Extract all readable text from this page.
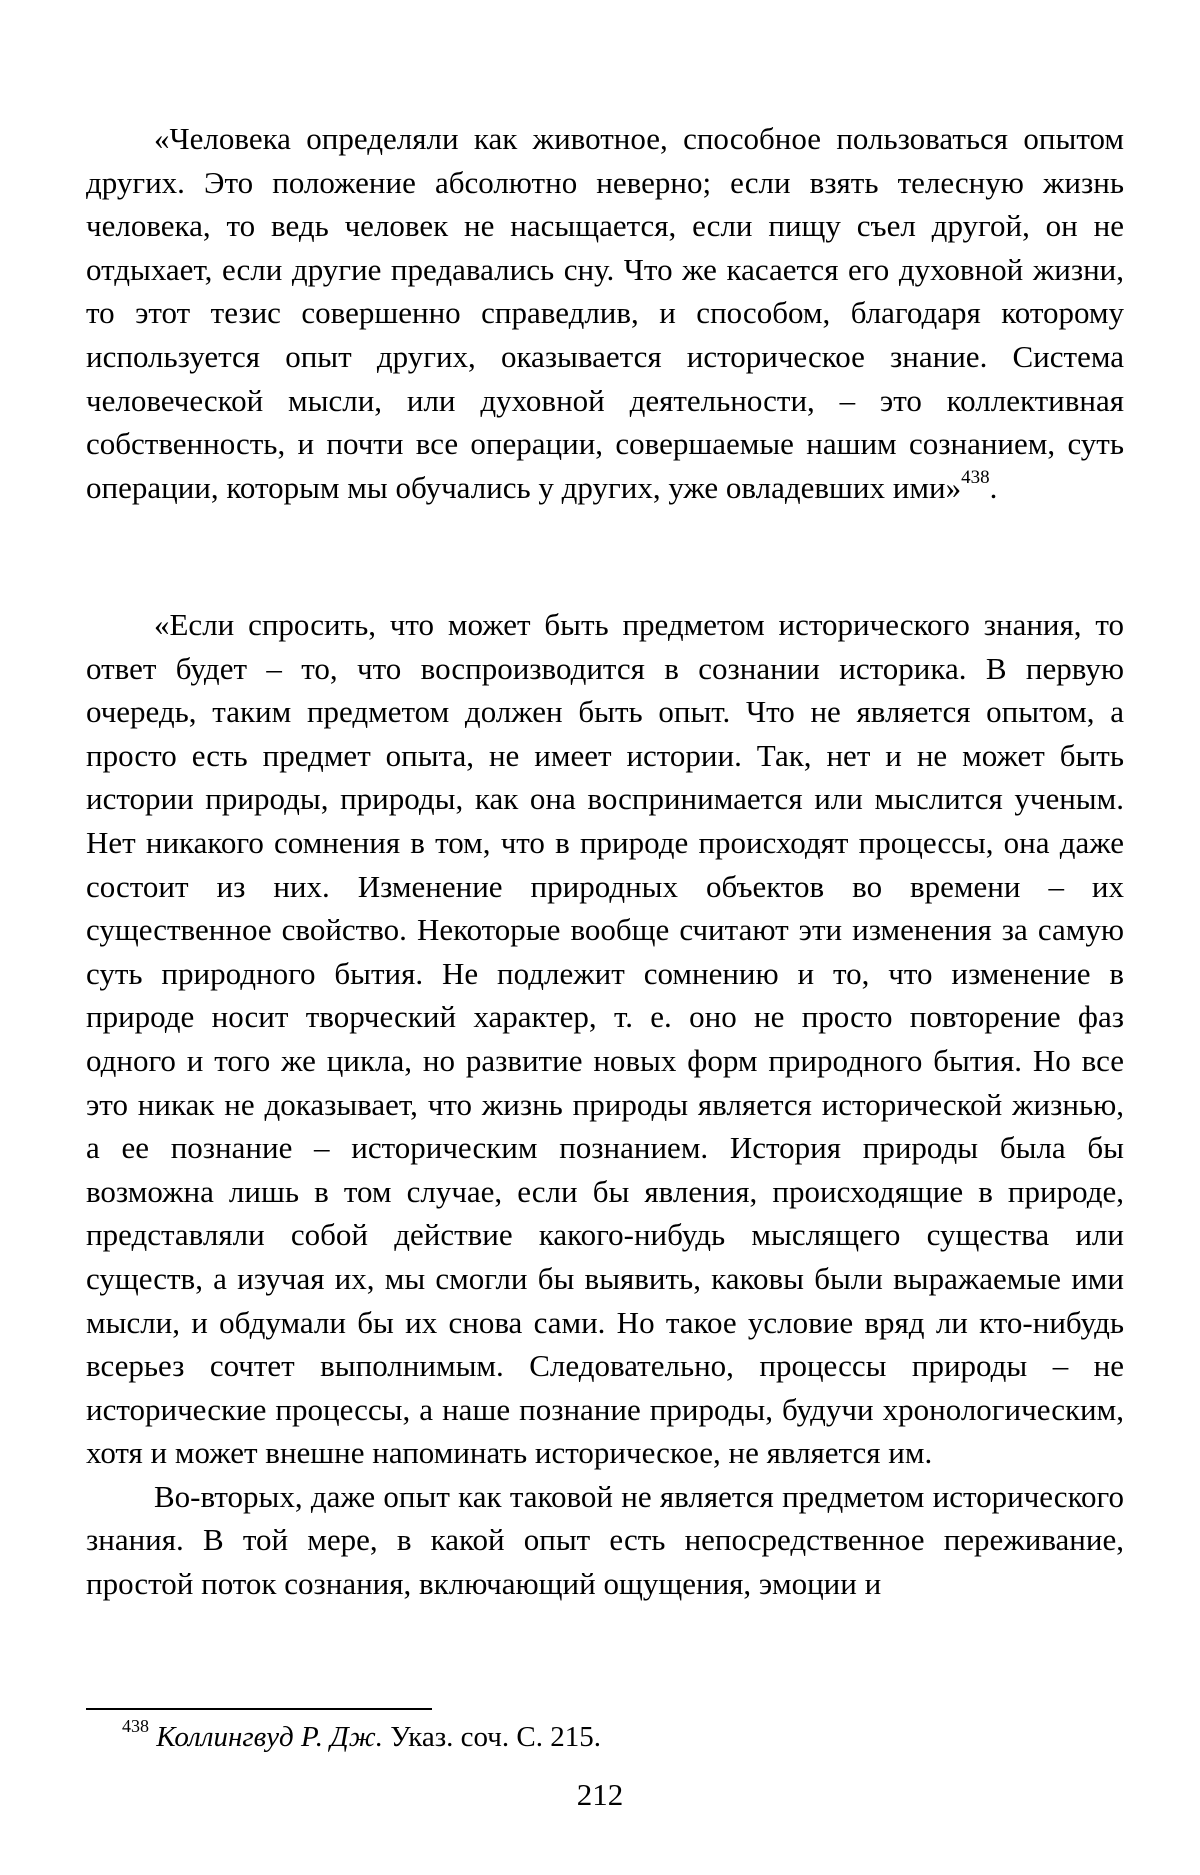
«Человека определяли как животное, способное пользоваться опытом других. Это положение абсолютно неверно; если взять телесную жизнь человека, то ведь человек не насыщается, если пищу съел другой, он не отдыхает, если другие предавались сну. Что же касается его духовной жизни, то этот тезис совершенно справедлив, и способом, благодаря которому используется опыт других, оказывается историческое знание. Система человеческой мысли, или духовной деятельности, – это коллективная собственность, и почти все операции, совершаемые нашим сознанием, суть операции, которым мы обучались у других, уже овладевших ими»$^{438}$.

«Если спросить, что может быть предметом исторического знания, то ответ будет – то, что воспроизводится в сознании историка. В первую очередь, таким предметом должен быть опыт. Что не является опытом, а просто есть предмет опыта, не имеет истории. Так, нет и не может быть истории природы, природы, как она воспринимается или мыслится ученым. Нет никакого сомнения в том, что в природе происходят процессы, она даже состоит из них. Изменение природных объектов во времени – их существенное свойство. Некоторые вообще считают эти изменения за самую суть природного бытия. Не подлежит сомнению и то, что изменение в природе носит творческий характер, т. е. оно не просто повторение фаз одного и того же цикла, но развитие новых форм природного бытия. Но все это никак не доказывает, что жизнь природы является исторической жизнью, а ее познание – историческим познанием. История природы была бы возможна лишь в том случае, если бы явления, происходящие в природе, представляли собой действие какого-нибудь мыслящего существа или существ, а изучая их, мы смогли бы выявить, каковы были выражаемые ими мысли, и обдумали бы их снова сами. Но такое условие вряд ли кто-нибудь всерьез сочтет выполнимым. Следовательно, процессы природы – не исторические процессы, а наше познание природы, будучи хронологическим, хотя и может внешне напоминать историческое, не является им.

Во-вторых, даже опыт как таковой не является предметом исторического знания. В той мере, в какой опыт есть непосредственное переживание, простой поток сознания, включающий ощущения, эмоции и

$^{438}$ Коллингвуд Р. Дж. Указ. соч. С. 215.
212
